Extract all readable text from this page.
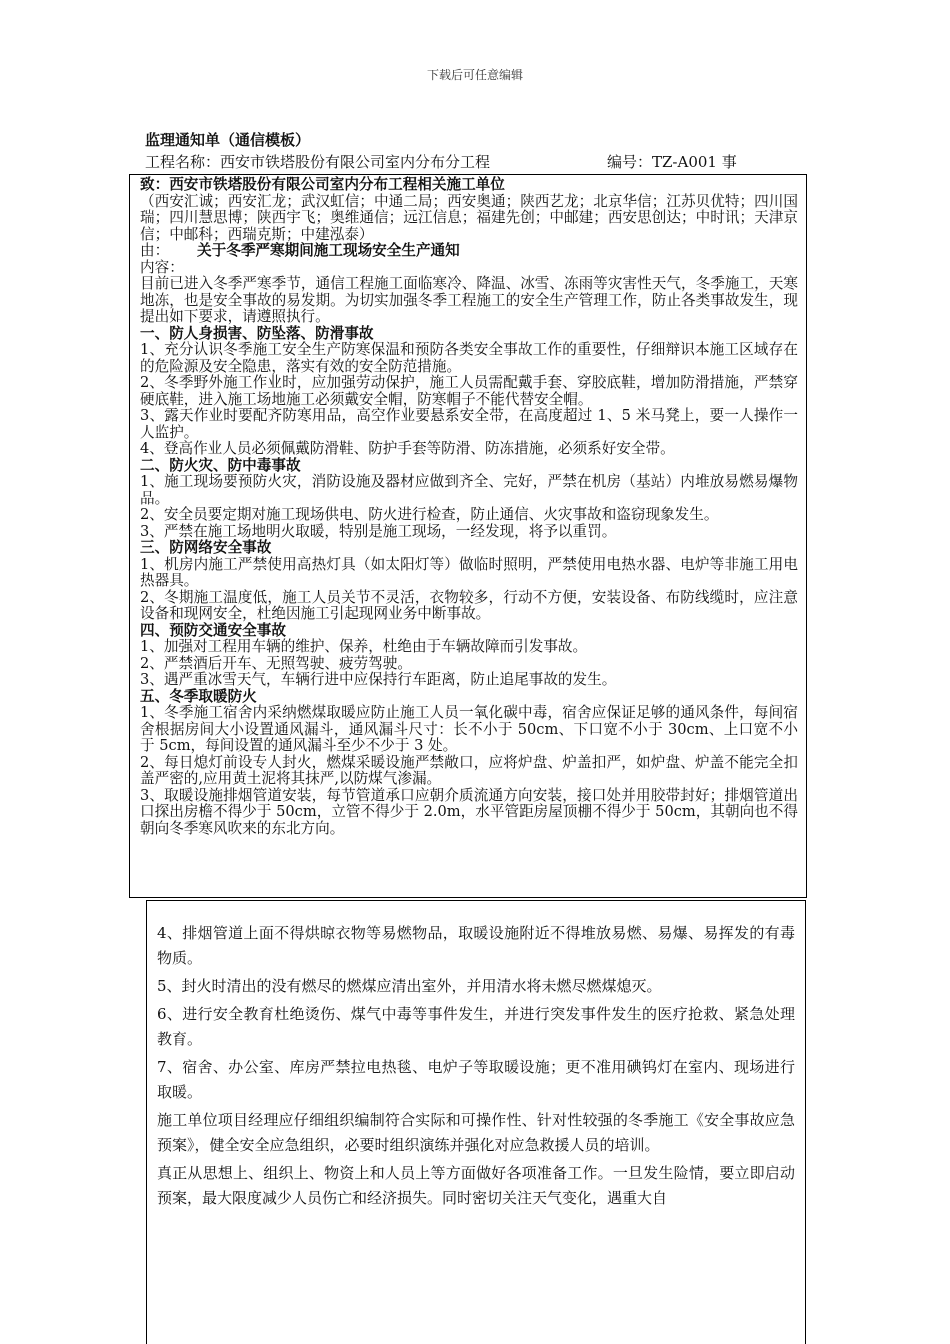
下载后可任意编辑
监理通知单（通信模板）
工程名称：西安市铁塔股份有限公司室内分布分工程	编号：TZ-A001 事

致：西安市铁塔股份有限公司室内分布工程相关施工单位

（西安汇诚；西安汇龙；武汉虹信；中通二局；西安奥通；陕西艺龙；北京华信；江苏贝优特；四川国瑞；四川慧思博；陕西宇飞；奥维通信；远江信息；福建先创；中邮建；西安思创达；中时讯；天津京信；中邮科；西瑞克斯；中建泓泰）

由： 关于冬季严寒期间施工现场安全生产通知

内容：

目前已进入冬季严寒季节，通信工程施工面临寒冷、降温、冰雪、冻雨等灾害性天气，冬季施工，天寒地冻，也是安全事故的易发期。为切实加强冬季工程施工的安全生产管理工作，防止各类事故发生，现提出如下要求，请遵照执行。

一、防人身损害、防坠落、防滑事故

1、充分认识冬季施工安全生产防寒保温和预防各类安全事故工作的重要性，仔细辩识本施工区域存在的危险源及安全隐患，落实有效的安全防范措施。

2、冬季野外施工作业时，应加强劳动保护，施工人员需配戴手套、穿胶底鞋，增加防滑措施，严禁穿硬底鞋，进入施工场地施工必须戴安全帽，防寒帽子不能代替安全帽。

3、露天作业时要配齐防寒用品，高空作业要悬系安全带，在高度超过 1、5 米马凳上，要一人操作一人监护。

4、登高作业人员必须佩戴防滑鞋、防护手套等防滑、防冻措施，必须系好安全带。

二、防火灾、防中毒事故

1、施工现场要预防火灾，消防设施及器材应做到齐全、完好，严禁在机房（基站）内堆放易燃易爆物品。

2、安全员要定期对施工现场供电、防火进行检查，防止通信、火灾事故和盗窃现象发生。

3、严禁在施工场地明火取暖，特别是施工现场，一经发现，将予以重罚。

三、防网络安全事故

1、机房内施工严禁使用高热灯具（如太阳灯等）做临时照明，严禁使用电热水器、电炉等非施工用电热器具。

2、冬期施工温度低，施工人员关节不灵活，衣物较多，行动不方便，安装设备、布防线缆时，应注意设备和现网安全，杜绝因施工引起现网业务中断事故。

四、预防交通安全事故

1、加强对工程用车辆的维护、保养，杜绝由于车辆故障而引发事故。

2、严禁酒后开车、无照驾驶、疲劳驾驶。

3、遇严重冰雪天气，车辆行进中应保持行车距离，防止追尾事故的发生。

五、冬季取暖防火

1、冬季施工宿舍内采纳燃煤取暖应防止施工人员一氧化碳中毒，宿舍应保证足够的通风条件，每间宿舍根据房间大小设置通风漏斗，通风漏斗尺寸：长不小于 50cm、下口宽不小于 30cm、上口宽不小于 5cm，每间设置的通风漏斗至少不少于 3 处。

2、每日熄灯前设专人封火，燃煤采暖设施严禁敞口，应将炉盘、炉盖扣严，如炉盘、炉盖不能完全扣盖严密的,应用黄土泥将其抹严,以防煤气渗漏。

3、取暖设施排烟管道安装，每节管道承口应朝介质流通方向安装，接口处并用胶带封好；排烟管道出口探出房檐不得少于 50cm，立管不得少于 2.0m，水平管距房屋顶棚不得少于 50cm，其朝向也不得朝向冬季寒风吹来的东北方向。

4、排烟管道上面不得烘晾衣物等易燃物品，取暖设施附近不得堆放易燃、易爆、易挥发的有毒物质。

5、封火时清出的没有燃尽的燃煤应清出室外，并用清水将未燃尽燃煤熄灭。

6、进行安全教育杜绝烫伤、煤气中毒等事件发生，并进行突发事件发生的医疗抢救、紧急处理教育。

7、宿舍、办公室、库房严禁拉电热毯、电炉子等取暖设施；更不准用碘钨灯在室内、现场进行取暖。

施工单位项目经理应仔细组织编制符合实际和可操作性、针对性较强的冬季施工《安全事故应急预案》，健全安全应急组织，必要时组织演练并强化对应急救援人员的培训。

真正从思想上、组织上、物资上和人员上等方面做好各项准备工作。一旦发生险情，要立即启动预案，最大限度减少人员伤亡和经济损失。同时密切关注天气变化，遇重大自
